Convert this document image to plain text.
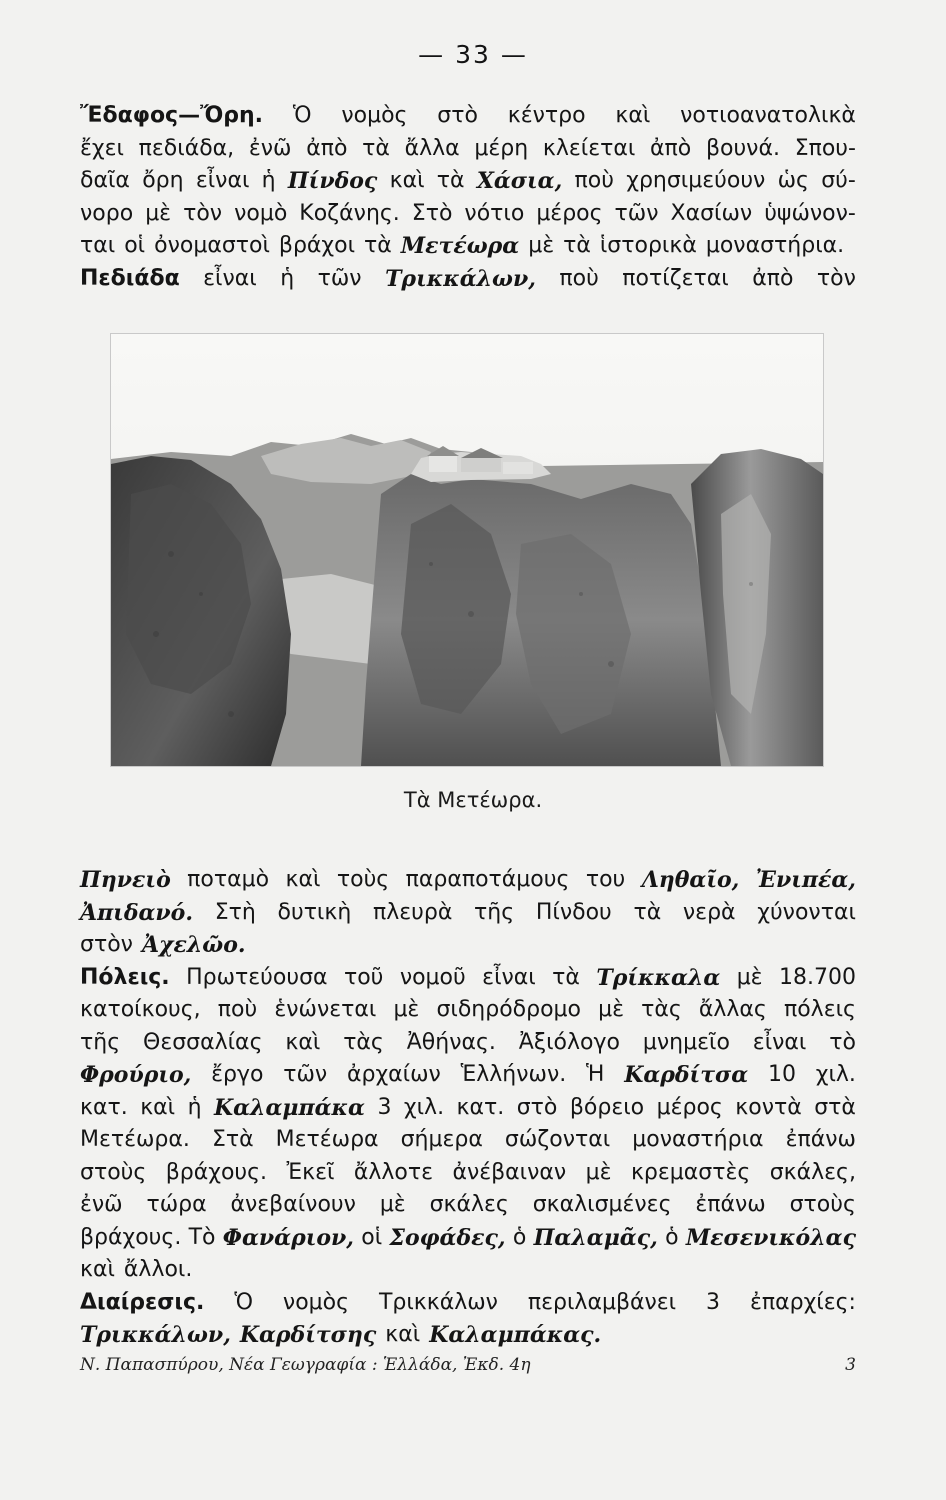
— 33 —
Ἔδαφος—Ὄρη. Ὁ νομὸς στὸ κέντρο καὶ νοτιοανατολικὰ
ἔχει πεδιάδα, ἐνῶ ἀπὸ τὰ ἄλλα μέρη κλείεται ἀπὸ βουνά. Σπου-
δαῖα ὄρη εἶναι ἡ Πίνδος καὶ τὰ Χάσια, ποὺ χρησιμεύουν ὡς σύ-
νορο μὲ τὸν νομὸ Κοζάνης. Στὸ νότιο μέρος τῶν Χασίων ὑψώνον-
ται οἱ ὀνομαστοὶ βράχοι τὰ Μετέωρα μὲ τὰ ἱστορικὰ μοναστήρια.
Πεδιάδα εἶναι ἡ τῶν Τρικκάλων, ποὺ ποτίζεται ἀπὸ τὸν
Τὰ Μετέωρα.
Πηνειὸ ποταμὸ καὶ τοὺς παραποτάμους του Ληθαῖο, Ἐνιπέα,
Ἀπιδανό. Στὴ δυτικὴ πλευρὰ τῆς Πίνδου τὰ νερὰ χύνονται
στὸν Ἀχελῶο.
Πόλεις. Πρωτεύουσα τοῦ νομοῦ εἶναι τὰ Τρίκκαλα μὲ 18.700
κατοίκους, ποὺ ἑνώνεται μὲ σιδηρόδρομο μὲ τὰς ἄλλας πόλεις
τῆς Θεσσαλίας καὶ τὰς Ἀθήνας. Ἀξιόλογο μνημεῖο εἶναι τὸ
Φρούριο, ἔργο τῶν ἀρχαίων Ἑλλήνων. Ἡ Καρδίτσα 10 χιλ.
κατ. καὶ ἡ Καλαμπάκα 3 χιλ. κατ. στὸ βόρειο μέρος κοντὰ στὰ
Μετέωρα. Στὰ Μετέωρα σήμερα σώζονται μοναστήρια ἐπάνω
στοὺς βράχους. Ἐκεῖ ἄλλοτε ἀνέβαιναν μὲ κρεμαστὲς σκάλες,
ἐνῶ τώρα ἀνεβαίνουν μὲ σκάλες σκαλισμένες ἐπάνω στοὺς
βράχους. Τὸ Φανάριον, οἱ Σοφάδες, ὁ Παλαμᾶς, ὁ Μεσενικόλας
καὶ ἄλλοι.
Διαίρεσις. Ὁ νομὸς Τρικκάλων περιλαμβάνει 3 ἐπαρχίες:
Τρικκάλων, Καρδίτσης καὶ Καλαμπάκας.
Ν. Παπασπύρου, Νέα Γεωγραφία : Ἑλλάδα, Ἐκδ. 4η	3
